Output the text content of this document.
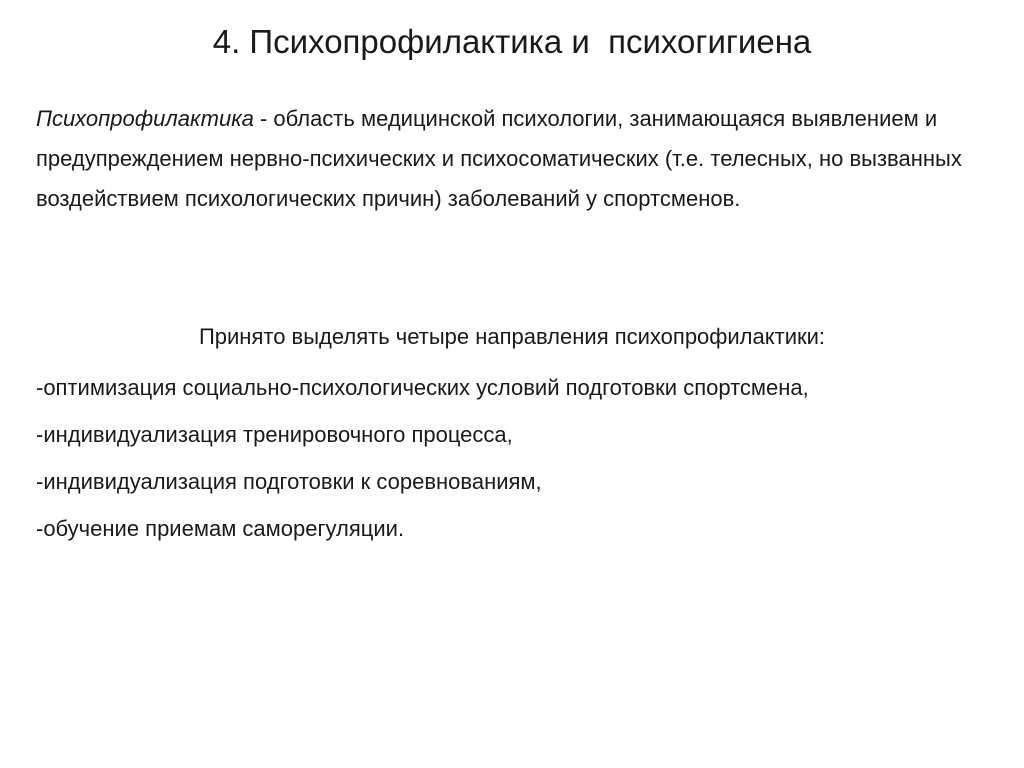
4. Психопрофилактика и  психогигиена

Психопрофилактика - область медицинской психологии, занимающаяся выявлением и предупреждением нервно-психических и психосоматических (т.е. телесных, но вызванных воздействием психологических причин) заболеваний у спортсменов.

Принято выделять четыре направления психопрофилактики:

-оптимизация социально-психологических условий подготовки спортсмена,
-индивидуализация тренировочного процесса,
-индивидуализация подготовки к соревнованиям,
-обучение приемам саморегуляции.
